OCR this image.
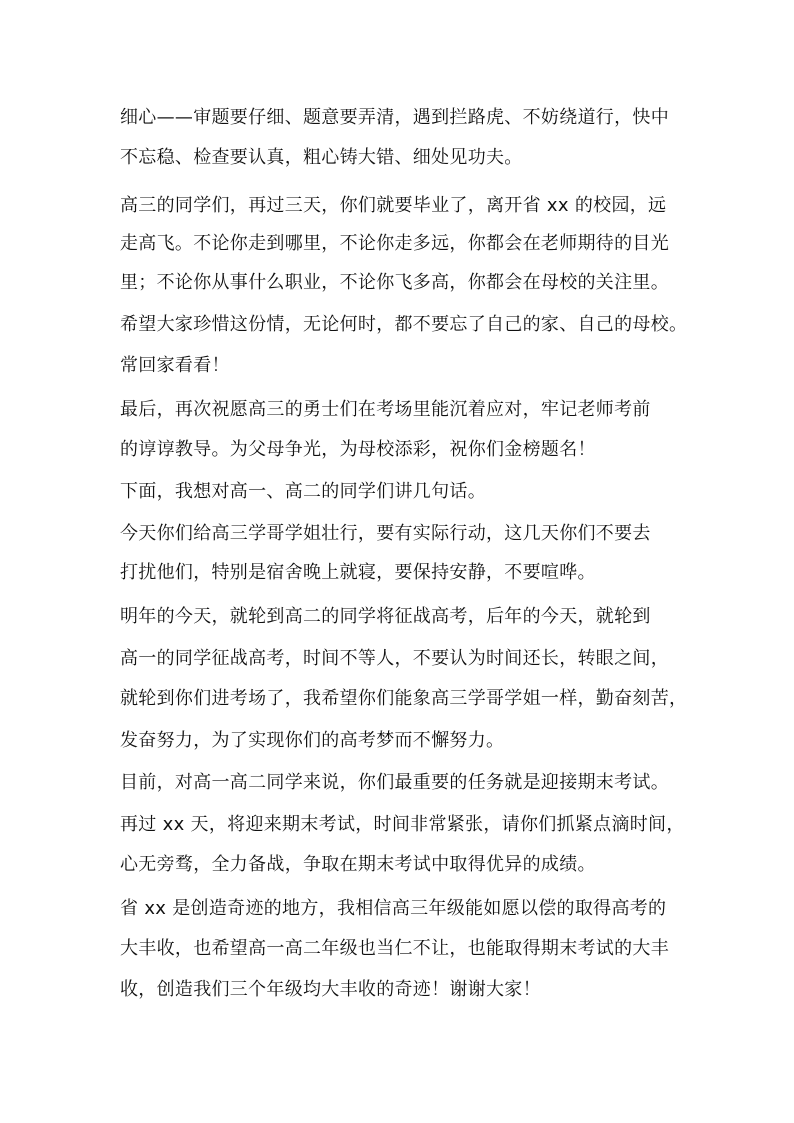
细心——审题要仔细、题意要弄清，遇到拦路虎、不妨绕道行，快中
不忘稳、检查要认真，粗心铸大错、细处见功夫。
高三的同学们，再过三天，你们就要毕业了，离开省 xx 的校园，远
走高飞。不论你走到哪里，不论你走多远，你都会在老师期待的目光
里；不论你从事什么职业，不论你飞多高，你都会在母校的关注里。
希望大家珍惜这份情，无论何时，都不要忘了自己的家、自己的母校。
常回家看看！
最后，再次祝愿高三的勇士们在考场里能沉着应对，牢记老师考前
的谆谆教导。为父母争光，为母校添彩，祝你们金榜题名！
下面，我想对高一、高二的同学们讲几句话。
今天你们给高三学哥学姐壮行，要有实际行动，这几天你们不要去
打扰他们，特别是宿舍晚上就寝，要保持安静，不要喧哗。
明年的今天，就轮到高二的同学将征战高考，后年的今天，就轮到
高一的同学征战高考，时间不等人，不要认为时间还长，转眼之间，
就轮到你们进考场了，我希望你们能象高三学哥学姐一样，勤奋刻苦，
发奋努力，为了实现你们的高考梦而不懈努力。
目前，对高一高二同学来说，你们最重要的任务就是迎接期末考试。
再过 xx 天，将迎来期末考试，时间非常紧张，请你们抓紧点滴时间，
心无旁骛，全力备战，争取在期末考试中取得优异的成绩。
省 xx 是创造奇迹的地方，我相信高三年级能如愿以偿的取得高考的
大丰收，也希望高一高二年级也当仁不让，也能取得期末考试的大丰
收，创造我们三个年级均大丰收的奇迹！谢谢大家！
